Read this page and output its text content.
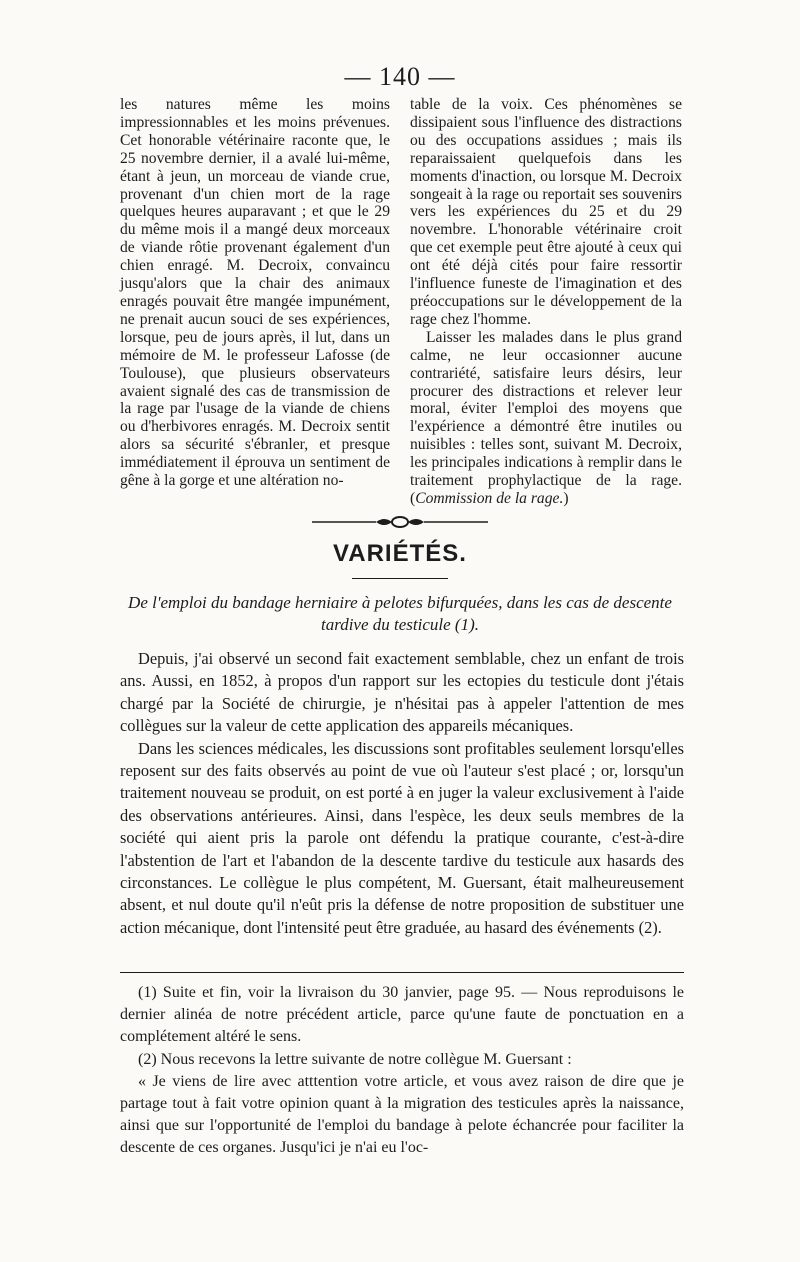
— 140 —

les natures même les moins impressionnables et les moins prévenues. Cet honorable vétérinaire raconte que, le 25 novembre dernier, il a avalé lui-même, étant à jeun, un morceau de viande crue, provenant d'un chien mort de la rage quelques heures auparavant ; et que le 29 du même mois il a mangé deux morceaux de viande rôtie provenant également d'un chien enragé. M. Decroix, convaincu jusqu'alors que la chair des animaux enragés pouvait être mangée impunément, ne prenait aucun souci de ses expériences, lorsque, peu de jours après, il lut, dans un mémoire de M. le professeur Lafosse (de Toulouse), que plusieurs observateurs avaient signalé des cas de transmission de la rage par l'usage de la viande de chiens ou d'herbivores enragés. M. Decroix sentit alors sa sécurité s'ébranler, et presque immédiatement il éprouva un sentiment de gêne à la gorge et une altération no-

table de la voix. Ces phénomènes se dissipaient sous l'influence des distractions ou des occupations assidues ; mais ils reparaissaient quelquefois dans les moments d'inaction, ou lorsque M. Decroix songeait à la rage ou reportait ses souvenirs vers les expériences du 25 et du 29 novembre. L'honorable vétérinaire croit que cet exemple peut être ajouté à ceux qui ont été déjà cités pour faire ressortir l'influence funeste de l'imagination et des préoccupations sur le développement de la rage chez l'homme.

Laisser les malades dans le plus grand calme, ne leur occasionner aucune contrariété, satisfaire leurs désirs, leur procurer des distractions et relever leur moral, éviter l'emploi des moyens que l'expérience a démontré être inutiles ou nuisibles : telles sont, suivant M. Decroix, les principales indications à remplir dans le traitement prophylactique de la rage. (Commission de la rage.)

VARIÉTÉS.
De l'emploi du bandage herniaire à pelotes bifurquées, dans les cas de descente tardive du testicule (1).

Depuis, j'ai observé un second fait exactement semblable, chez un enfant de trois ans. Aussi, en 1852, à propos d'un rapport sur les ectopies du testicule dont j'étais chargé par la Société de chirurgie, je n'hésitai pas à appeler l'attention de mes collègues sur la valeur de cette application des appareils mécaniques.

Dans les sciences médicales, les discussions sont profitables seulement lorsqu'elles reposent sur des faits observés au point de vue où l'auteur s'est placé ; or, lorsqu'un traitement nouveau se produit, on est porté à en juger la valeur exclusivement à l'aide des observations antérieures. Ainsi, dans l'espèce, les deux seuls membres de la société qui aient pris la parole ont défendu la pratique courante, c'est-à-dire l'abstention de l'art et l'abandon de la descente tardive du testicule aux hasards des circonstances. Le collègue le plus compétent, M. Guersant, était malheureusement absent, et nul doute qu'il n'eût pris la défense de notre proposition de substituer une action mécanique, dont l'intensité peut être graduée, au hasard des événements (2).

(1) Suite et fin, voir la livraison du 30 janvier, page 95. — Nous reproduisons le dernier alinéa de notre précédent article, parce qu'une faute de ponctuation en a complétement altéré le sens.

(2) Nous recevons la lettre suivante de notre collègue M. Guersant :

« Je viens de lire avec atttention votre article, et vous avez raison de dire que je partage tout à fait votre opinion quant à la migration des testicules après la naissance, ainsi que sur l'opportunité de l'emploi du bandage à pelote échancrée pour faciliter la descente de ces organes. Jusqu'ici je n'ai eu l'oc-
